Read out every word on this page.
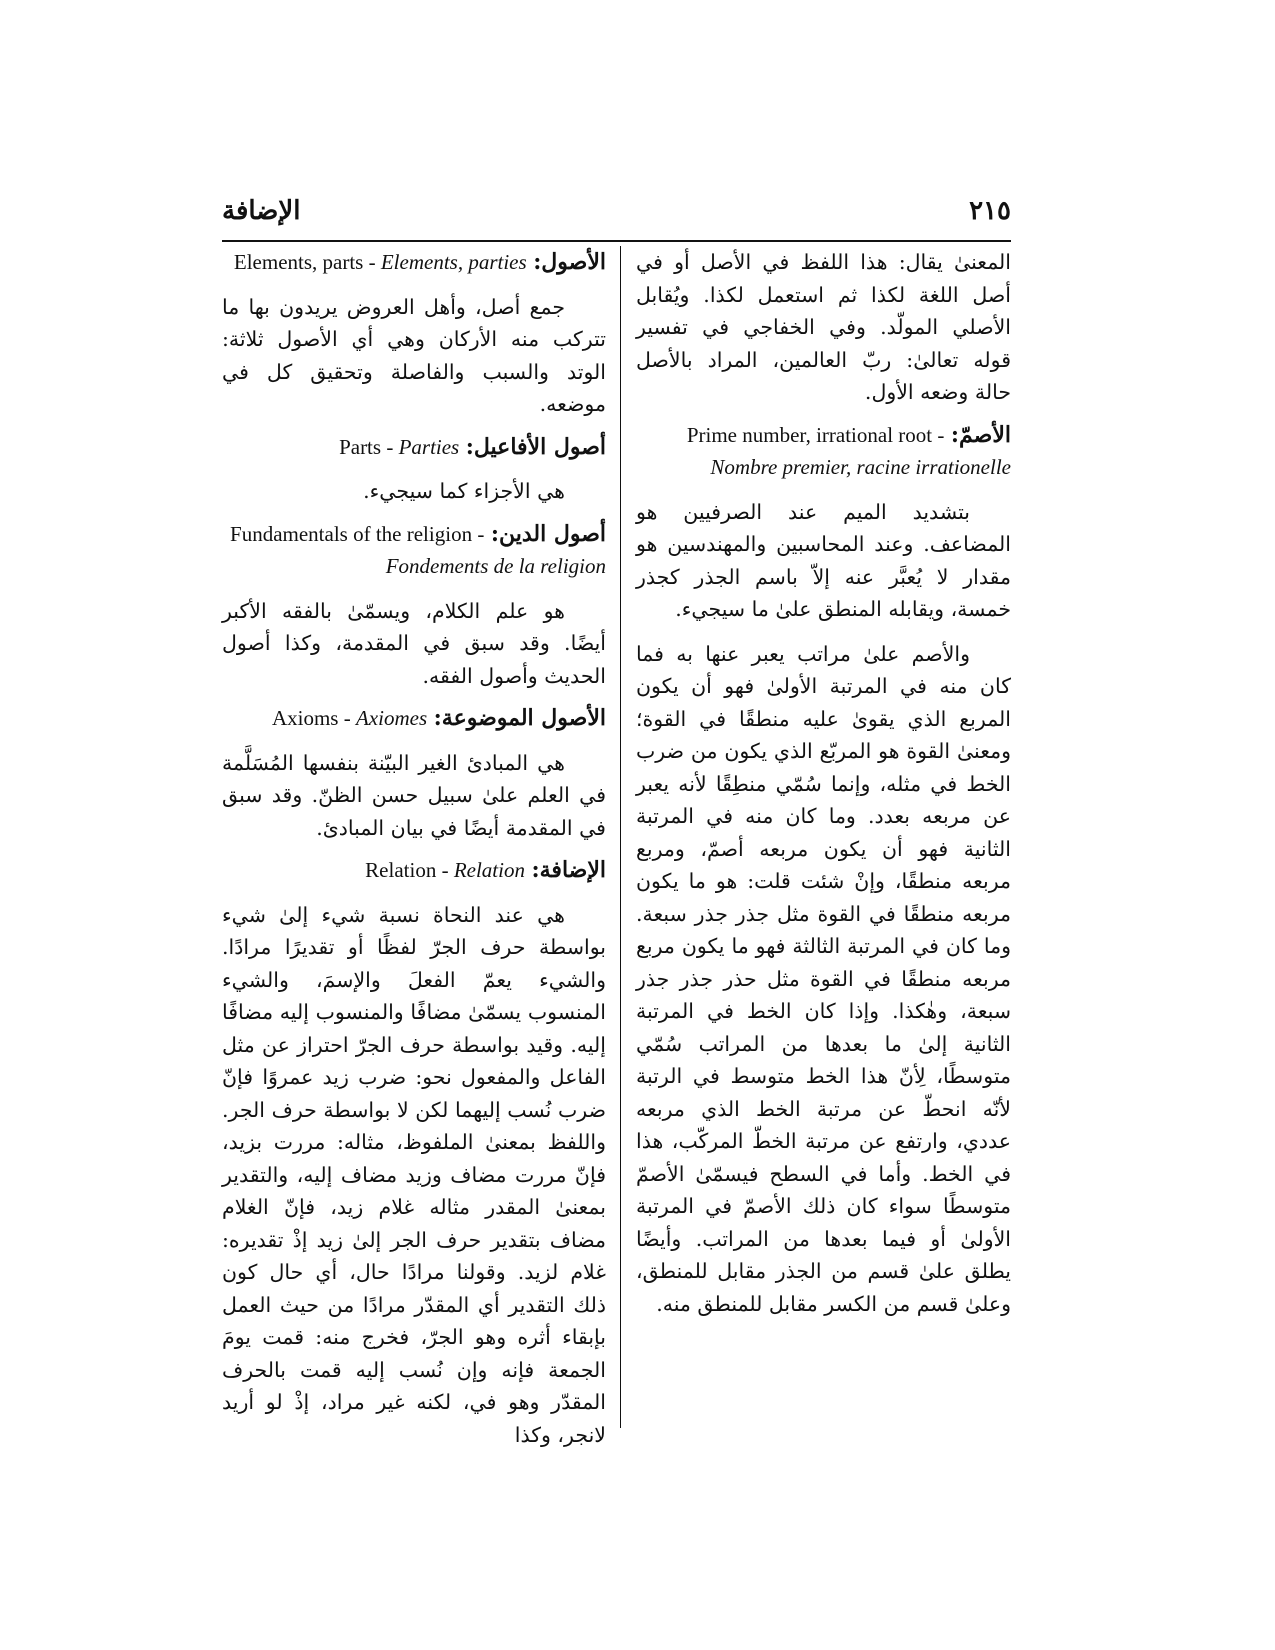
الإضافة	٢١٥

المعنىٰ يقال: هذا اللفظ في الأصل أو في أصل اللغة لكذا ثم استعمل لكذا. ويُقابل الأصلي المولّد. وفي الخفاجي في تفسير قوله تعالىٰ: ربّ العالمين، المراد بالأصل حالة وضعه الأول.

الأصمّ: Prime number, irrational root - Nombre premier, racine irrationelle

بتشديد الميم عند الصرفيين هو المضاعف. وعند المحاسبين والمهندسين هو مقدار لا يُعبَّر عنه إلاّ باسم الجذر كجذر خمسة، ويقابله المنطق علىٰ ما سيجيء.

والأصم علىٰ مراتب يعبر عنها به فما كان منه في المرتبة الأولىٰ فهو أن يكون المربع الذي يقوىٰ عليه منطقًا في القوة؛ ومعنىٰ القوة هو المربّع الذي يكون من ضرب الخط في مثله، وإنما سُمّي منطِقًا لأنه يعبر عن مربعه بعدد. وما كان منه في المرتبة الثانية فهو أن يكون مربعه أصمّ، ومربع مربعه منطقًا، وإنْ شئت قلت: هو ما يكون مربعه منطقًا في القوة مثل جذر جذر سبعة. وما كان في المرتبة الثالثة فهو ما يكون مربع مربعه منطقًا في القوة مثل حذر جذر جذر سبعة، وهٰكذا. وإذا كان الخط في المرتبة الثانية إلىٰ ما بعدها من المراتب سُمّي متوسطًا، لِأنّ هذا الخط متوسط في الرتبة لأنّه انحطّ عن مرتبة الخط الذي مربعه عددي، وارتفع عن مرتبة الخطّ المركّب، هذا في الخط. وأما في السطح فيسمّىٰ الأصمّ متوسطًا سواء كان ذلك الأصمّ في المرتبة الأولىٰ أو فيما بعدها من المراتب. وأيضًا يطلق علىٰ قسم من الجذر مقابل للمنطق، وعلىٰ قسم من الكسر مقابل للمنطق منه.

الأصول: Elements, parts - Elements, parties

جمع أصل، وأهل العروض يريدون بها ما تتركب منه الأركان وهي أي الأصول ثلاثة: الوتد والسبب والفاصلة وتحقيق كل في موضعه.

أصول الأفاعيل: Parts - Parties

هي الأجزاء كما سيجيء.

أصول الدين: Fundamentals of the religion - Fondements de la religion

هو علم الكلام، ويسمّىٰ بالفقه الأكبر أيضًا. وقد سبق في المقدمة، وكذا أصول الحديث وأصول الفقه.

الأصول الموضوعة: Axioms - Axiomes

هي المبادئ الغير البيّنة بنفسها المُسَلَّمة في العلم علىٰ سبيل حسن الظنّ. وقد سبق في المقدمة أيضًا في بيان المبادئ.

الإضافة: Relation - Relation

هي عند النحاة نسبة شيء إلىٰ شيء بواسطة حرف الجرّ لفظًا أو تقديرًا مرادًا. والشيء يعمّ الفعلَ والإسمَ، والشيء المنسوب يسمّىٰ مضافًا والمنسوب إليه مضافًا إليه. وقيد بواسطة حرف الجرّ احتراز عن مثل الفاعل والمفعول نحو: ضرب زيد عمروًا فإنّ ضرب نُسب إليهما لكن لا بواسطة حرف الجر. واللفظ بمعنىٰ الملفوظ، مثاله: مررت بزيد، فإنّ مررت مضاف وزيد مضاف إليه، والتقدير بمعنىٰ المقدر مثاله غلام زيد، فإنّ الغلام مضاف بتقدير حرف الجر إلىٰ زيد إذْ تقديره: غلام لزيد. وقولنا مرادًا حال، أي حال كون ذلك التقدير أي المقدّر مرادًا من حيث العمل بإبقاء أثره وهو الجرّ، فخرج منه: قمت يومَ الجمعة فإنه وإن نُسب إليه قمت بالحرف المقدّر وهو في، لكنه غير مراد، إذْ لو أريد لانجر، وكذا
